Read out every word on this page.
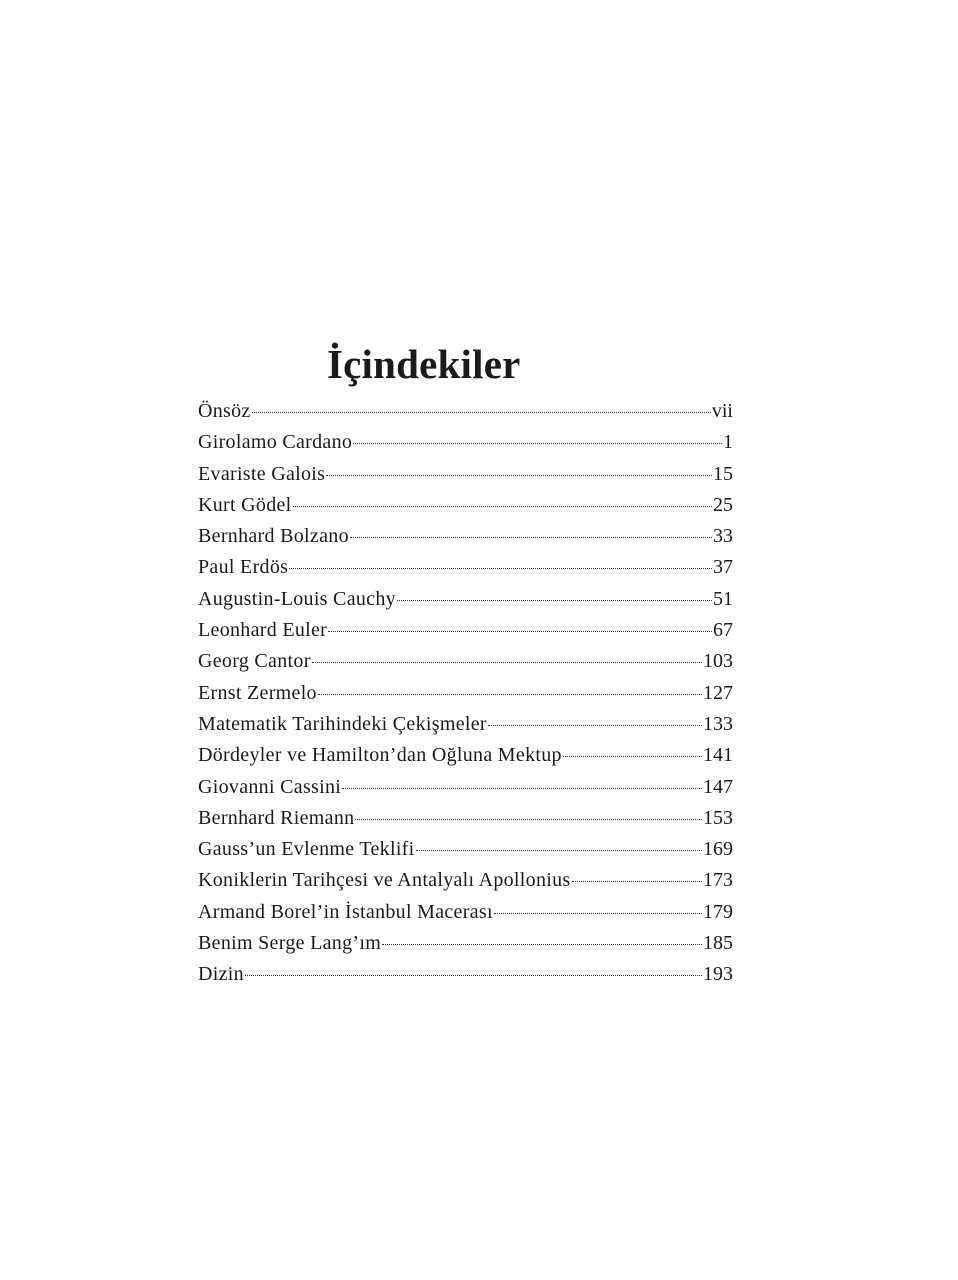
İçindekiler
Önsöz	vii
Girolamo Cardano	1
Evariste Galois	15
Kurt Gödel	25
Bernhard Bolzano	33
Paul Erdös	37
Augustin-Louis Cauchy	51
Leonhard Euler	67
Georg Cantor	103
Ernst Zermelo	127
Matematik Tarihindeki Çekişmeler	133
Dördeyler ve Hamilton’dan Oğluna Mektup	141
Giovanni Cassini	147
Bernhard Riemann	153
Gauss’un Evlenme Teklifi	169
Koniklerin Tarihçesi ve Antalyalı Apollonius	173
Armand Borel’in İstanbul Macerası	179
Benim Serge Lang’ım	185
Dizin	193
